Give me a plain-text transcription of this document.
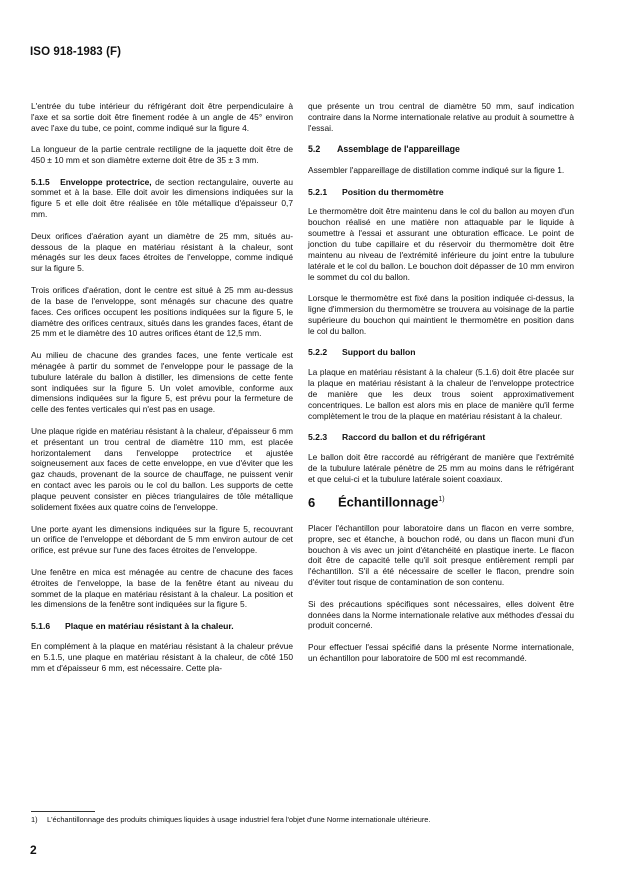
ISO 918-1983 (F)

L'entrée du tube intérieur du réfrigérant doit être perpendiculaire à l'axe et sa sortie doit être finement rodée à un angle de 45° environ avec l'axe du tube, ce point, comme indiqué sur la figure 4.

La longueur de la partie centrale rectiligne de la jaquette doit être de 450 ± 10 mm et son diamètre externe doit être de 35 ± 3 mm.

5.1.5 Enveloppe protectrice, de section rectangulaire, ouverte au sommet et à la base. Elle doit avoir les dimensions indiquées sur la figure 5 et elle doit être réalisée en tôle métallique d'épaisseur 0,7 mm.

Deux orifices d'aération ayant un diamètre de 25 mm, situés au-dessous de la plaque en matériau résistant à la chaleur, sont ménagés sur les deux faces étroites de l'enveloppe, comme indiqué sur la figure 5.

Trois orifices d'aération, dont le centre est situé à 25 mm au-dessus de la base de l'enveloppe, sont ménagés sur chacune des quatre faces. Ces orifices occupent les positions indiquées sur la figure 5, le diamètre des orifices centraux, situés dans les grandes faces, étant de 25 mm et le diamètre des 10 autres orifices étant de 12,5 mm.

Au milieu de chacune des grandes faces, une fente verticale est ménagée à partir du sommet de l'enveloppe pour le passage de la tubulure latérale du ballon à distiller, les dimensions de cette fente sont indiquées sur la figure 5. Un volet amovible, conforme aux dimensions indiquées sur la figure 5, est prévu pour la fermeture de celle des fentes verticales qui n'est pas en usage.

Une plaque rigide en matériau résistant à la chaleur, d'épaisseur 6 mm et présentant un trou central de diamètre 110 mm, est placée horizontalement dans l'enveloppe protectrice et ajustée soigneusement aux faces de cette enveloppe, en vue d'éviter que les gaz chauds, provenant de la source de chauffage, ne puissent venir en contact avec les parois ou le col du ballon. Les supports de cette plaque peuvent consister en pièces triangulaires de tôle métallique solidement fixées aux quatre coins de l'enveloppe.

Une porte ayant les dimensions indiquées sur la figure 5, recouvrant un orifice de l'enveloppe et débordant de 5 mm environ autour de cet orifice, est prévue sur l'une des faces étroites de l'enveloppe.

Une fenêtre en mica est ménagée au centre de chacune des faces étroites de l'enveloppe, la base de la fenêtre étant au niveau du sommet de la plaque en matériau résistant à la chaleur. La position et les dimensions de la fenêtre sont indiquées sur la figure 5.

5.1.6 Plaque en matériau résistant à la chaleur.

En complément à la plaque en matériau résistant à la chaleur prévue en 5.1.5, une plaque en matériau résistant à la chaleur, de côté 150 mm et d'épaisseur 6 mm, est nécessaire. Cette pla-

que présente un trou central de diamètre 50 mm, sauf indication contraire dans la Norme internationale relative au produit à soumettre à l'essai.

5.2 Assemblage de l'appareillage

Assembler l'appareillage de distillation comme indiqué sur la figure 1.

5.2.1 Position du thermomètre

Le thermomètre doit être maintenu dans le col du ballon au moyen d'un bouchon réalisé en une matière non attaquable par le liquide à soumettre à l'essai et assurant une obturation efficace. Le point de jonction du tube capillaire et du réservoir du thermomètre doit être maintenu au niveau de l'extrémité inférieure du joint entre la tubulure latérale et le col du ballon. Le bouchon doit dépasser de 10 mm environ le sommet du col du ballon.

Lorsque le thermomètre est fixé dans la position indiquée ci-dessus, la ligne d'immersion du thermomètre se trouvera au voisinage de la partie supérieure du bouchon qui maintient le thermomètre en position dans le col du ballon.

5.2.2 Support du ballon

La plaque en matériau résistant à la chaleur (5.1.6) doit être placée sur la plaque en matériau résistant à la chaleur de l'enveloppe protectrice de manière que les deux trous soient approximativement concentriques. Le ballon est alors mis en place de manière qu'il ferme complètement le trou de la plaque en matériau résistant à la chaleur.

5.2.3 Raccord du ballon et du réfrigérant

Le ballon doit être raccordé au réfrigérant de manière que l'extrémité de la tubulure latérale pénètre de 25 mm au moins dans le réfrigérant et que celui-ci et la tubulure latérale soient coaxiaux.

6 Échantillonnage$^{1)}$

Placer l'échantillon pour laboratoire dans un flacon en verre sombre, propre, sec et étanche, à bouchon rodé, ou dans un flacon muni d'un bouchon à vis avec un joint d'étanchéité en plastique inerte. Le flacon doit être de capacité telle qu'il soit presque entièrement rempli par l'échantillon. S'il a été nécessaire de sceller le flacon, prendre soin d'éviter tout risque de contamination de son contenu.

Si des précautions spécifiques sont nécessaires, elles doivent être données dans la Norme internationale relative aux méthodes d'essai du produit concerné.

Pour effectuer l'essai spécifié dans la présente Norme internationale, un échantillon pour laboratoire de 500 ml est recommandé.

1) L'échantillonnage des produits chimiques liquides à usage industriel fera l'objet d'une Norme internationale ultérieure.
2
